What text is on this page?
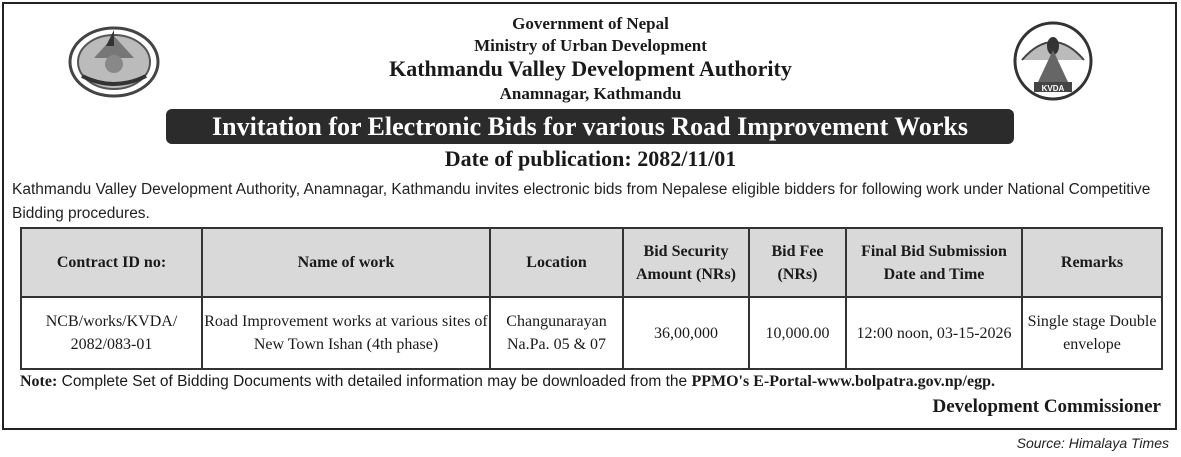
Government of Nepal
Ministry of Urban Development
Kathmandu Valley Development Authority
Anamnagar, Kathmandu	KVDA
Invitation for Electronic Bids for various Road Improvement Works
Date of publication: 2082/11/01
Kathmandu Valley Development Authority, Anamnagar, Kathmandu invites electronic bids from Nepalese eligible bidders for following work under National Competitive Bidding procedures.
Contract ID no:	Name of work	Location	Bid Security Amount (NRs)	Bid Fee (NRs)	Final Bid Submission Date and Time	Remarks
NCB/works/KVDA/ 2082/083-01	Road Improvement works at various sites of New Town Ishan (4th phase)	Changunarayan Na.Pa. 05 & 07	36,00,000	10,000.00	12:00 noon, 03-15-2026	Single stage Double envelope
Note: Complete Set of Bidding Documents with detailed information may be downloaded from the PPMO's E-Portal-www.bolpatra.gov.np/egp.
Development Commissioner
Source: Himalaya Times
